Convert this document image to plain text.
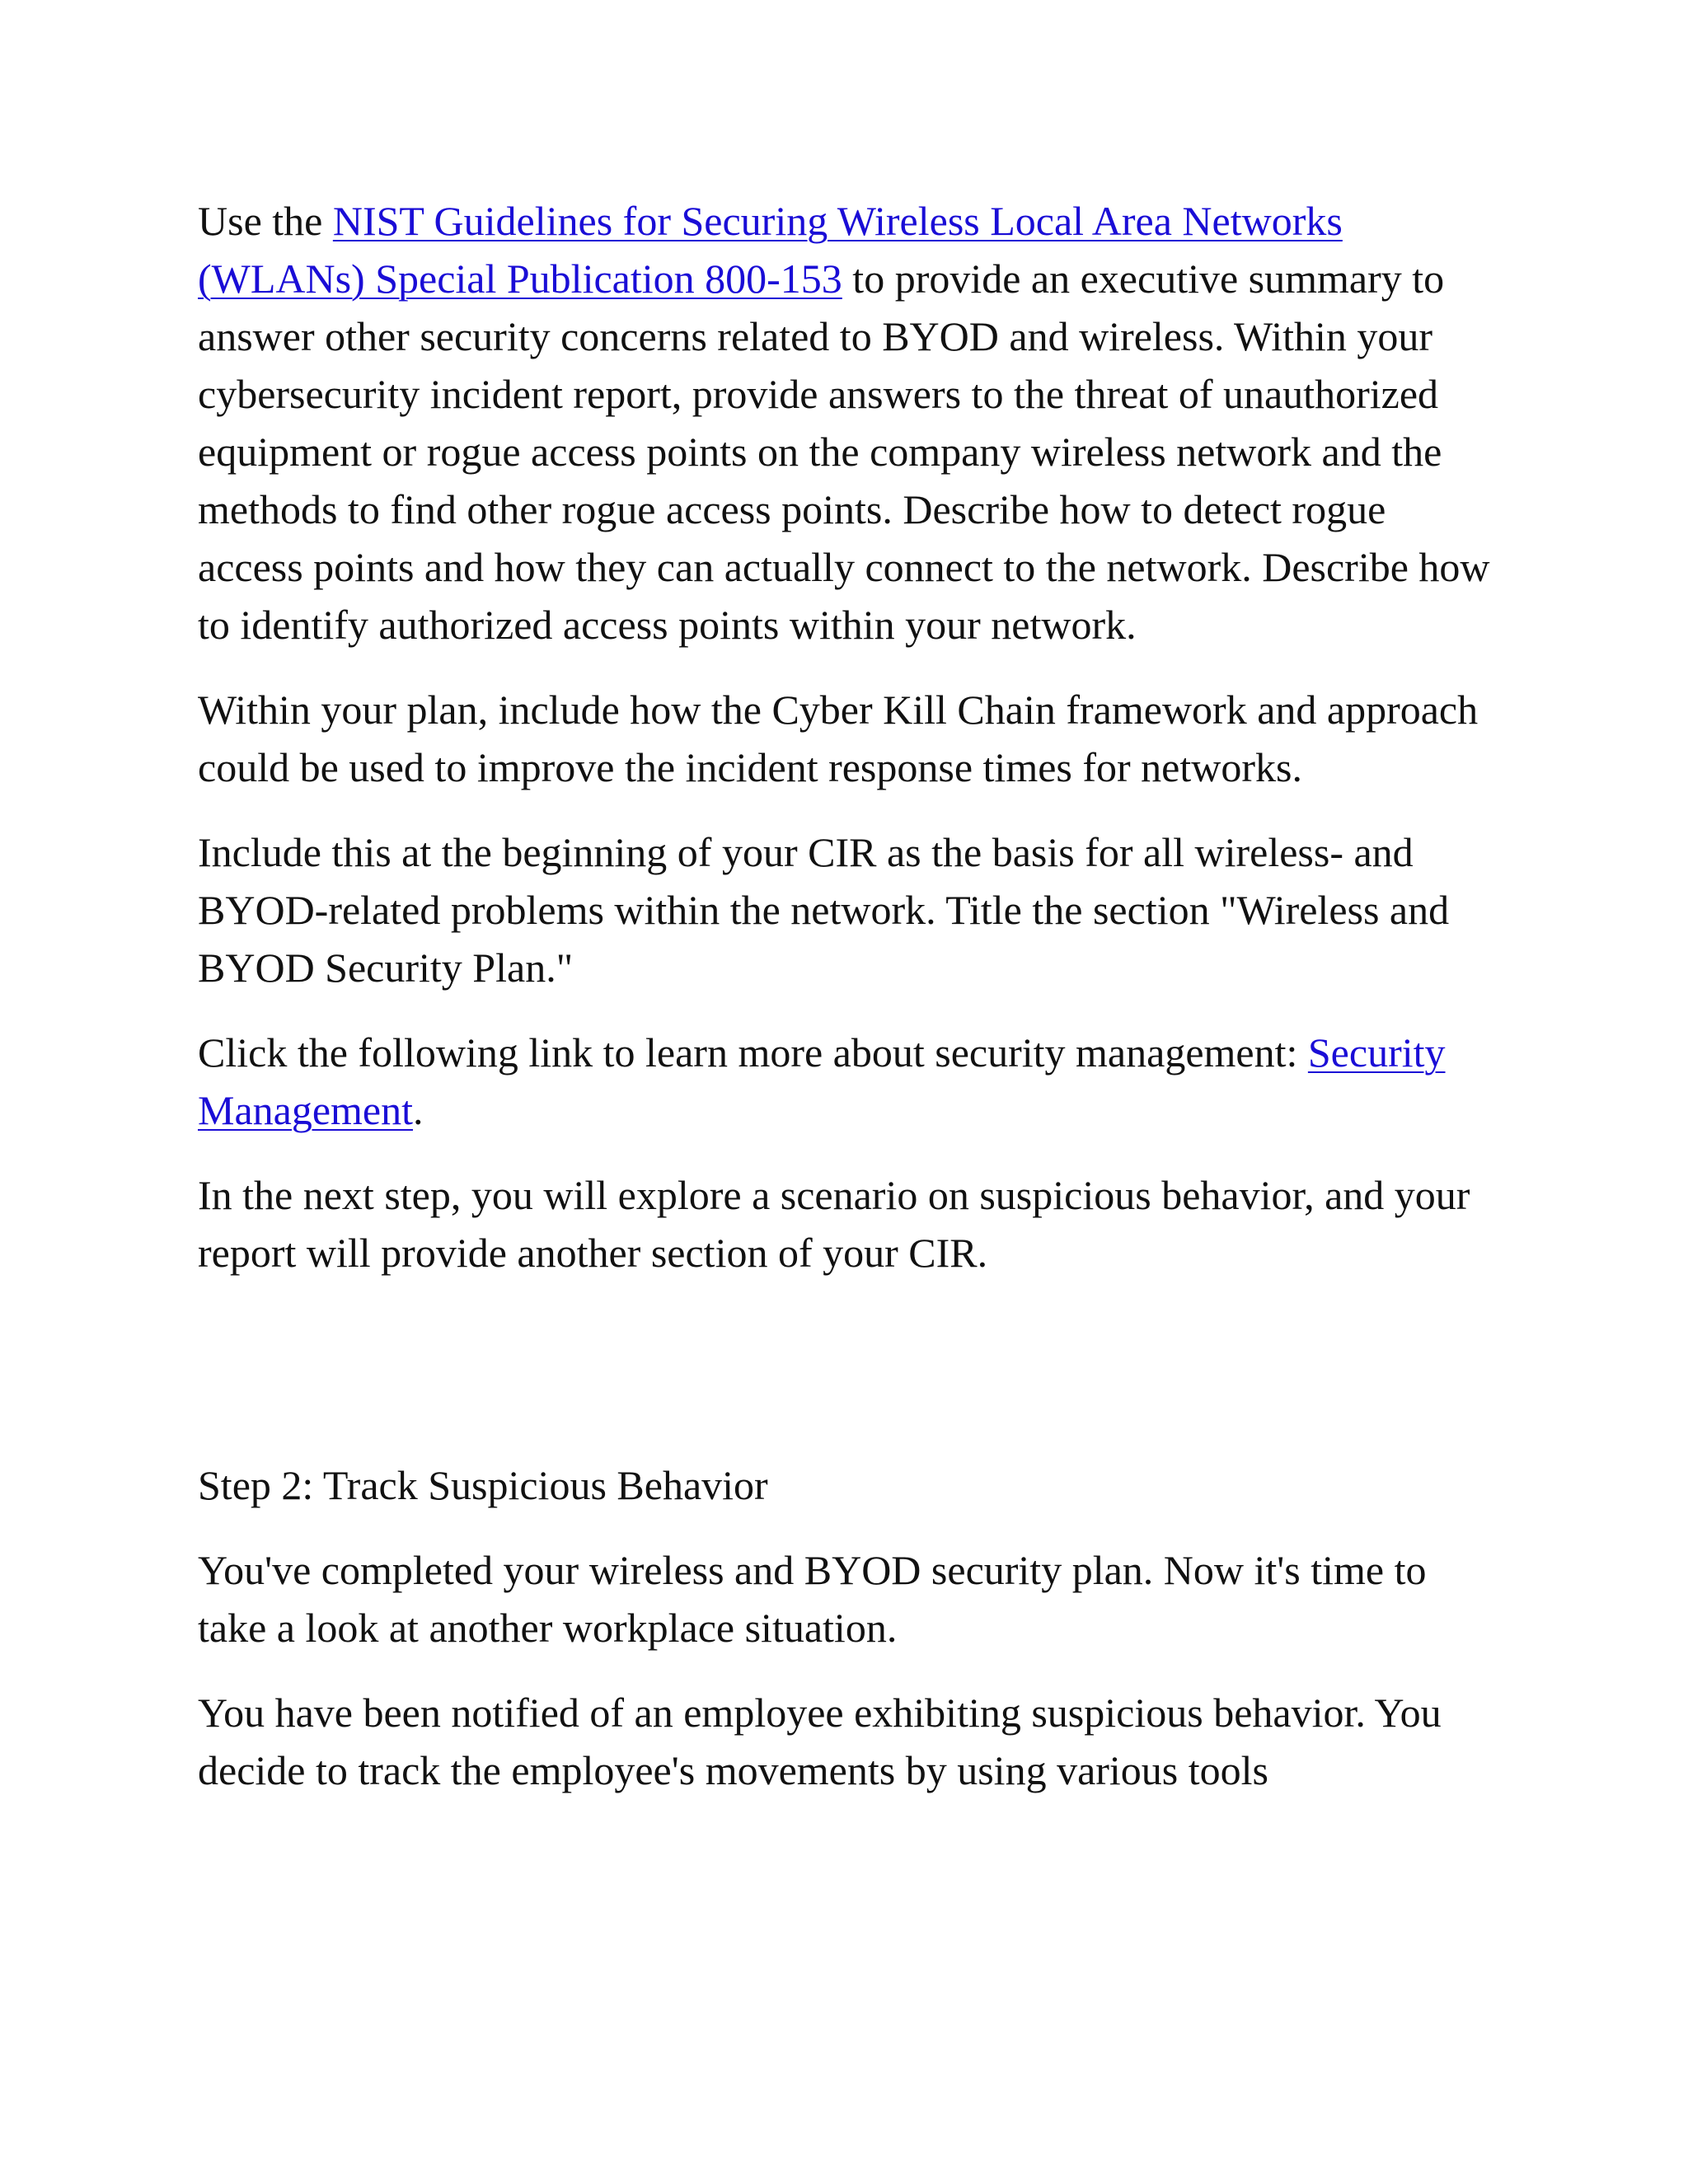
Use the NIST Guidelines for Securing Wireless Local Area Networks (WLANs) Special Publication 800-153 to provide an executive summary to answer other security concerns related to BYOD and wireless. Within your cybersecurity incident report, provide answers to the threat of unauthorized equipment or rogue access points on the company wireless network and the methods to find other rogue access points. Describe how to detect rogue access points and how they can actually connect to the network. Describe how to identify authorized access points within your network.

Within your plan, include how the Cyber Kill Chain framework and approach could be used to improve the incident response times for networks.

Include this at the beginning of your CIR as the basis for all wireless- and BYOD-related problems within the network. Title the section "Wireless and BYOD Security Plan."

Click the following link to learn more about security management: Security Management.

In the next step, you will explore a scenario on suspicious behavior, and your report will provide another section of your CIR.

Step 2: Track Suspicious Behavior

You've completed your wireless and BYOD security plan. Now it's time to take a look at another workplace situation.

You have been notified of an employee exhibiting suspicious behavior. You decide to track the employee's movements by using various tools
